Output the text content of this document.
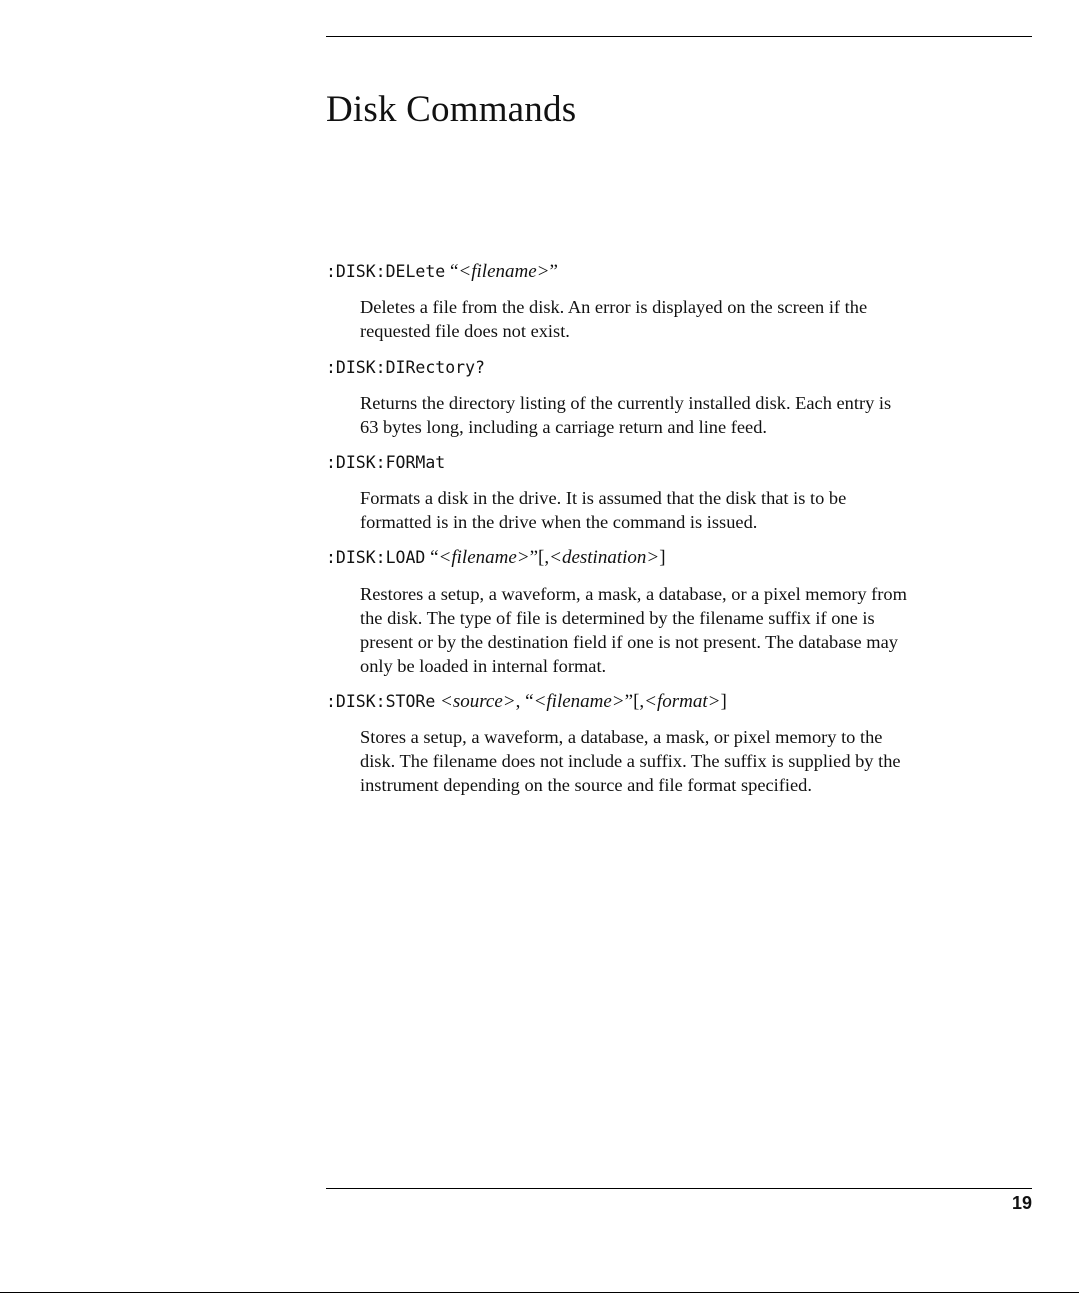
Disk Commands
:DISK:DELete “<filename>”

Deletes a file from the disk. An error is displayed on the screen if the
requested file does not exist.

:DISK:DIRectory?

Returns the directory listing of the currently installed disk. Each entry is
63 bytes long, including a carriage return and line feed.

:DISK:FORMat

Formats a disk in the drive. It is assumed that the disk that is to be
formatted is in the drive when the command is issued.

:DISK:LOAD “<filename>”[,<destination>]

Restores a setup, a waveform, a mask, a database, or a pixel memory from
the disk. The type of file is determined by the filename suffix if one is
present or by the destination field if one is not present. The database may
only be loaded in internal format.

:DISK:STORe <source>, “<filename>”[,<format>]

Stores a setup, a waveform, a database, a mask, or pixel memory to the
disk. The filename does not include a suffix. The suffix is supplied by the
instrument depending on the source and file format specified.

19
